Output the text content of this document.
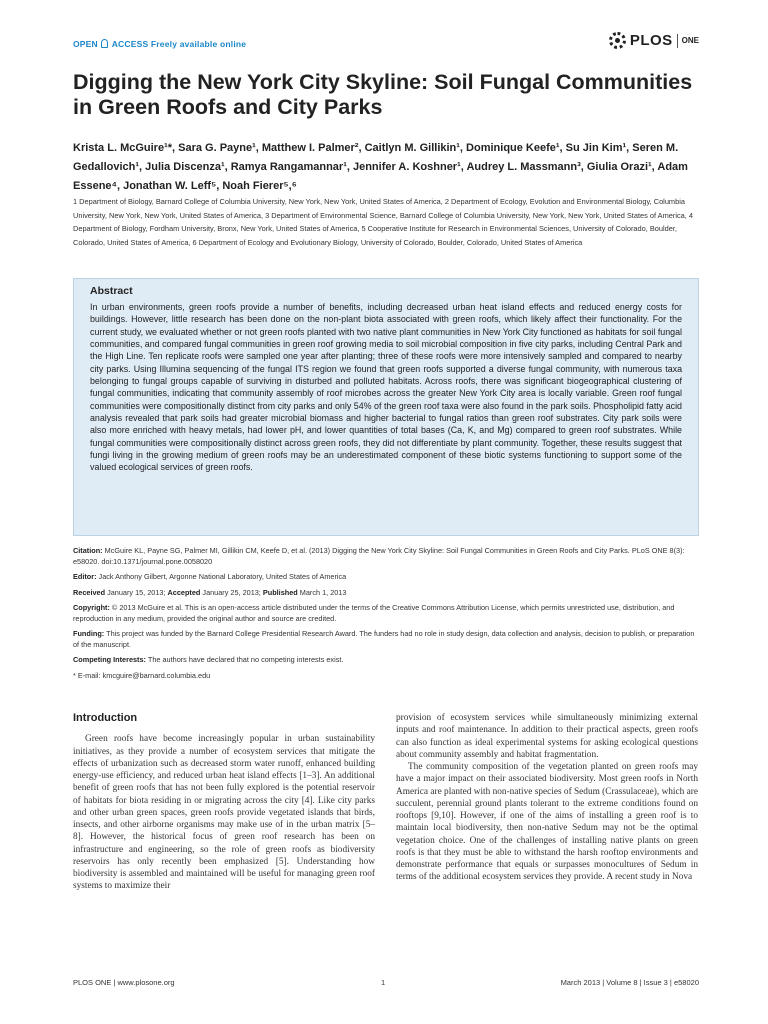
OPEN ACCESS Freely available online	PLOS ONE
Digging the New York City Skyline: Soil Fungal Communities in Green Roofs and City Parks
Krista L. McGuire¹*, Sara G. Payne¹, Matthew I. Palmer², Caitlyn M. Gillikin¹, Dominique Keefe¹, Su Jin Kim¹, Seren M. Gedallovich¹, Julia Discenza¹, Ramya Rangamannar¹, Jennifer A. Koshner¹, Audrey L. Massmann³, Giulia Orazi¹, Adam Essene⁴, Jonathan W. Leff⁵, Noah Fierer⁵,⁶
1 Department of Biology, Barnard College of Columbia University, New York, New York, United States of America, 2 Department of Ecology, Evolution and Environmental Biology, Columbia University, New York, New York, United States of America, 3 Department of Environmental Science, Barnard College of Columbia University, New York, New York, United States of America, 4 Department of Biology, Fordham University, Bronx, New York, United States of America, 5 Cooperative Institute for Research in Environmental Sciences, University of Colorado, Boulder, Colorado, United States of America, 6 Department of Ecology and Evolutionary Biology, University of Colorado, Boulder, Colorado, United States of America
Abstract

In urban environments, green roofs provide a number of benefits, including decreased urban heat island effects and reduced energy costs for buildings. However, little research has been done on the non-plant biota associated with green roofs, which likely affect their functionality. For the current study, we evaluated whether or not green roofs planted with two native plant communities in New York City functioned as habitats for soil fungal communities, and compared fungal communities in green roof growing media to soil microbial composition in five city parks, including Central Park and the High Line. Ten replicate roofs were sampled one year after planting; three of these roofs were more intensively sampled and compared to nearby city parks. Using Illumina sequencing of the fungal ITS region we found that green roofs supported a diverse fungal community, with numerous taxa belonging to fungal groups capable of surviving in disturbed and polluted habitats. Across roofs, there was significant biogeographical clustering of fungal communities, indicating that community assembly of roof microbes across the greater New York City area is locally variable. Green roof fungal communities were compositionally distinct from city parks and only 54% of the green roof taxa were also found in the park soils. Phospholipid fatty acid analysis revealed that park soils had greater microbial biomass and higher bacterial to fungal ratios than green roof substrates. City park soils were also more enriched with heavy metals, had lower pH, and lower quantities of total bases (Ca, K, and Mg) compared to green roof substrates. While fungal communities were compositionally distinct across green roofs, they did not differentiate by plant community. Together, these results suggest that fungi living in the growing medium of green roofs may be an underestimated component of these biotic systems functioning to support some of the valued ecological services of green roofs.

Citation: McGuire KL, Payne SG, Palmer MI, Gillikin CM, Keefe D, et al. (2013) Digging the New York City Skyline: Soil Fungal Communities in Green Roofs and City Parks. PLoS ONE 8(3): e58020. doi:10.1371/journal.pone.0058020
Editor: Jack Anthony Gilbert, Argonne National Laboratory, United States of America
Received January 15, 2013; Accepted January 25, 2013; Published March 1, 2013
Copyright: © 2013 McGuire et al. This is an open-access article distributed under the terms of the Creative Commons Attribution License, which permits unrestricted use, distribution, and reproduction in any medium, provided the original author and source are credited.
Funding: This project was funded by the Barnard College Presidential Research Award. The funders had no role in study design, data collection and analysis, decision to publish, or preparation of the manuscript.
Competing Interests: The authors have declared that no competing interests exist.
* E-mail: kmcguire@barnard.columbia.edu
Introduction

Green roofs have become increasingly popular in urban sustainability initiatives, as they provide a number of ecosystem services that mitigate the effects of urbanization such as decreased storm water runoff, enhanced building energy-use efficiency, and reduced urban heat island effects [1–3]. An additional benefit of green roofs that has not been fully explored is the potential reservoir of habitats for biota residing in or migrating across the city [4]. Like city parks and other urban green spaces, green roofs provide vegetated islands that birds, insects, and other airborne organisms may make use of in the urban matrix [5–8]. However, the historical focus of green roof research has been on infrastructure and engineering, so the role of green roofs as biodiversity reservoirs has only recently been emphasized [5]. Understanding how biodiversity is assembled and maintained will be useful for managing green roof systems to maximize their

provision of ecosystem services while simultaneously minimizing external inputs and roof maintenance. In addition to their practical aspects, green roofs can also function as ideal experimental systems for asking ecological questions about community assembly and habitat fragmentation.

The community composition of the vegetation planted on green roofs may have a major impact on their associated biodiversity. Most green roofs in North America are planted with non-native species of Sedum (Crassulaceae), which are succulent, perennial ground plants tolerant to the extreme conditions found on rooftops [9,10]. However, if one of the aims of installing a green roof is to maintain local biodiversity, then non-native Sedum may not be the optimal vegetation choice. One of the challenges of installing native plants on green roofs is that they must be able to withstand the harsh rooftop environments and demonstrate performance that equals or surpasses monocultures of Sedum in terms of the additional ecosystem services they provide. A recent study in Nova

PLOS ONE | www.plosone.org	1	March 2013 | Volume 8 | Issue 3 | e58020
